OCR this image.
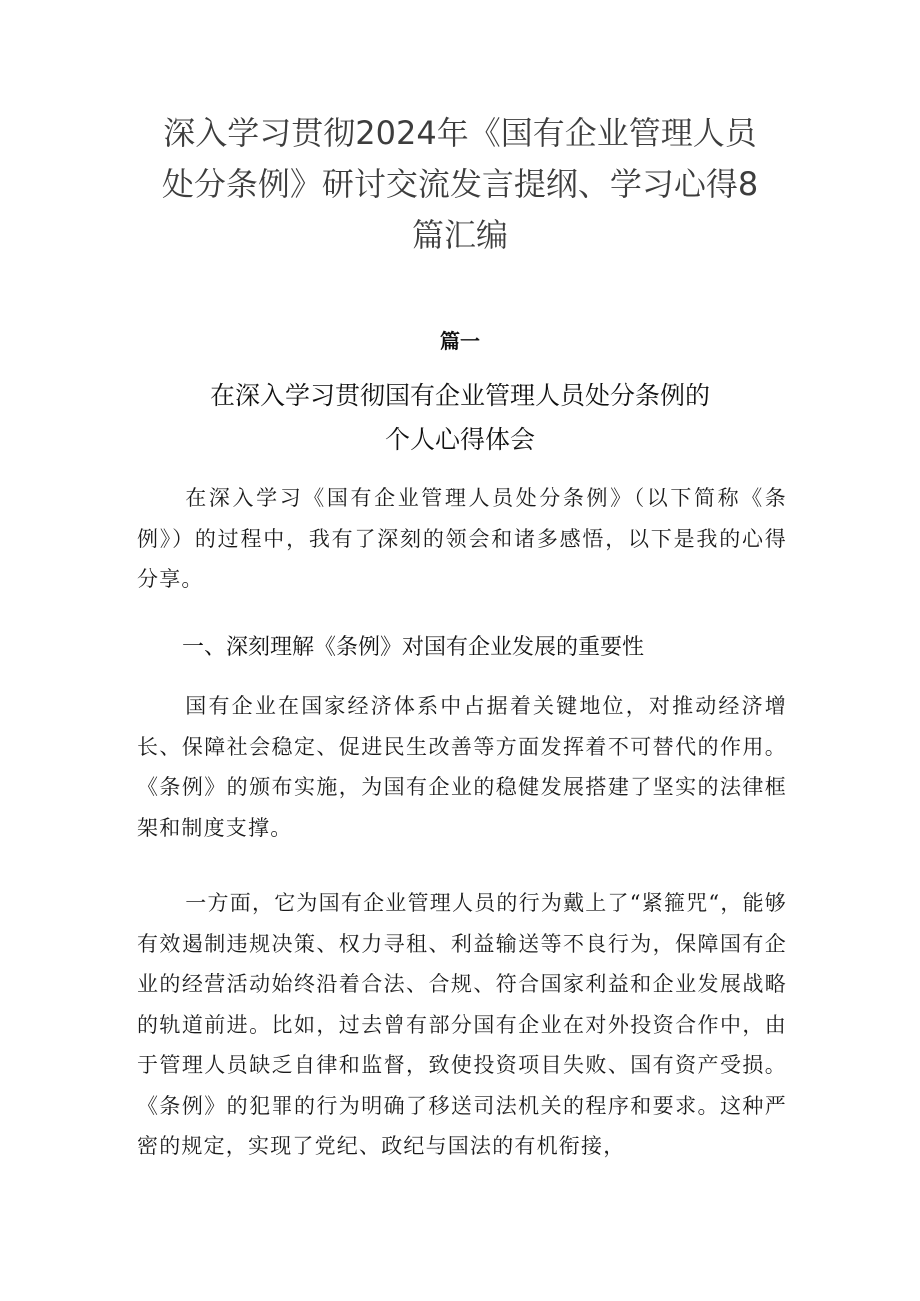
深入学习贯彻2024年《国有企业管理人员
处分条例》研讨交流发言提纲、学习心得8
篇汇编
篇一
在深入学习贯彻国有企业管理人员处分条例的
个人心得体会

在深入学习《国有企业管理人员处分条例》（以下简称《条例》）的过程中，我有了深刻的领会和诸多感悟，以下是我的心得分享。

一、深刻理解《条例》对国有企业发展的重要性

国有企业在国家经济体系中占据着关键地位，对推动经济增长、保障社会稳定、促进民生改善等方面发挥着不可替代的作用。《条例》的颁布实施，为国有企业的稳健发展搭建了坚实的法律框架和制度支撑。

一方面，它为国有企业管理人员的行为戴上了“紧箍咒“，能够有效遏制违规决策、权力寻租、利益输送等不良行为，保障国有企业的经营活动始终沿着合法、合规、符合国家利益和企业发展战略的轨道前进。比如，过去曾有部分国有企业在对外投资合作中，由于管理人员缺乏自律和监督，致使投资项目失败、国有资产受损。《条例》的犯罪的行为明确了移送司法机关的程序和要求。这种严密的规定，实现了党纪、政纪与国法的有机衔接，
